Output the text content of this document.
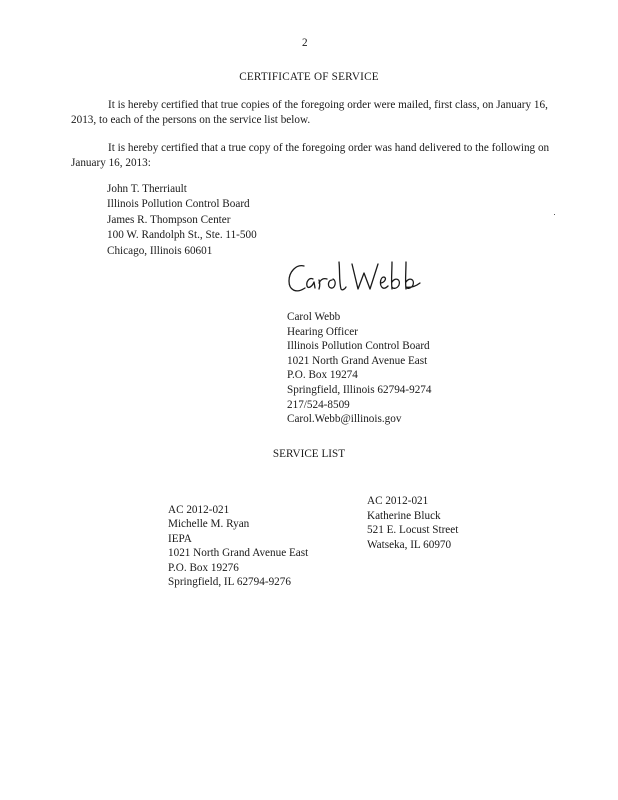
2
CERTIFICATE OF SERVICE
It is hereby certified that true copies of the foregoing order were mailed, first class, on January 16, 2013, to each of the persons on the service list below.
It is hereby certified that a true copy of the foregoing order was hand delivered to the following on January 16, 2013:
John T. Therriault
Illinois Pollution Control Board
James R. Thompson Center
100 W. Randolph St., Ste. 11-500
Chicago, Illinois 60601
Carol Webb
Hearing Officer
Illinois Pollution Control Board
1021 North Grand Avenue East
P.O. Box 19274
Springfield, Illinois 62794-9274
217/524-8509
Carol.Webb@illinois.gov
SERVICE LIST
AC 2012-021
Michelle M. Ryan
IEPA
1021 North Grand Avenue East
P.O. Box 19276
Springfield, IL 62794-9276
AC 2012-021
Katherine Bluck
521 E. Locust Street
Watseka, IL 60970
